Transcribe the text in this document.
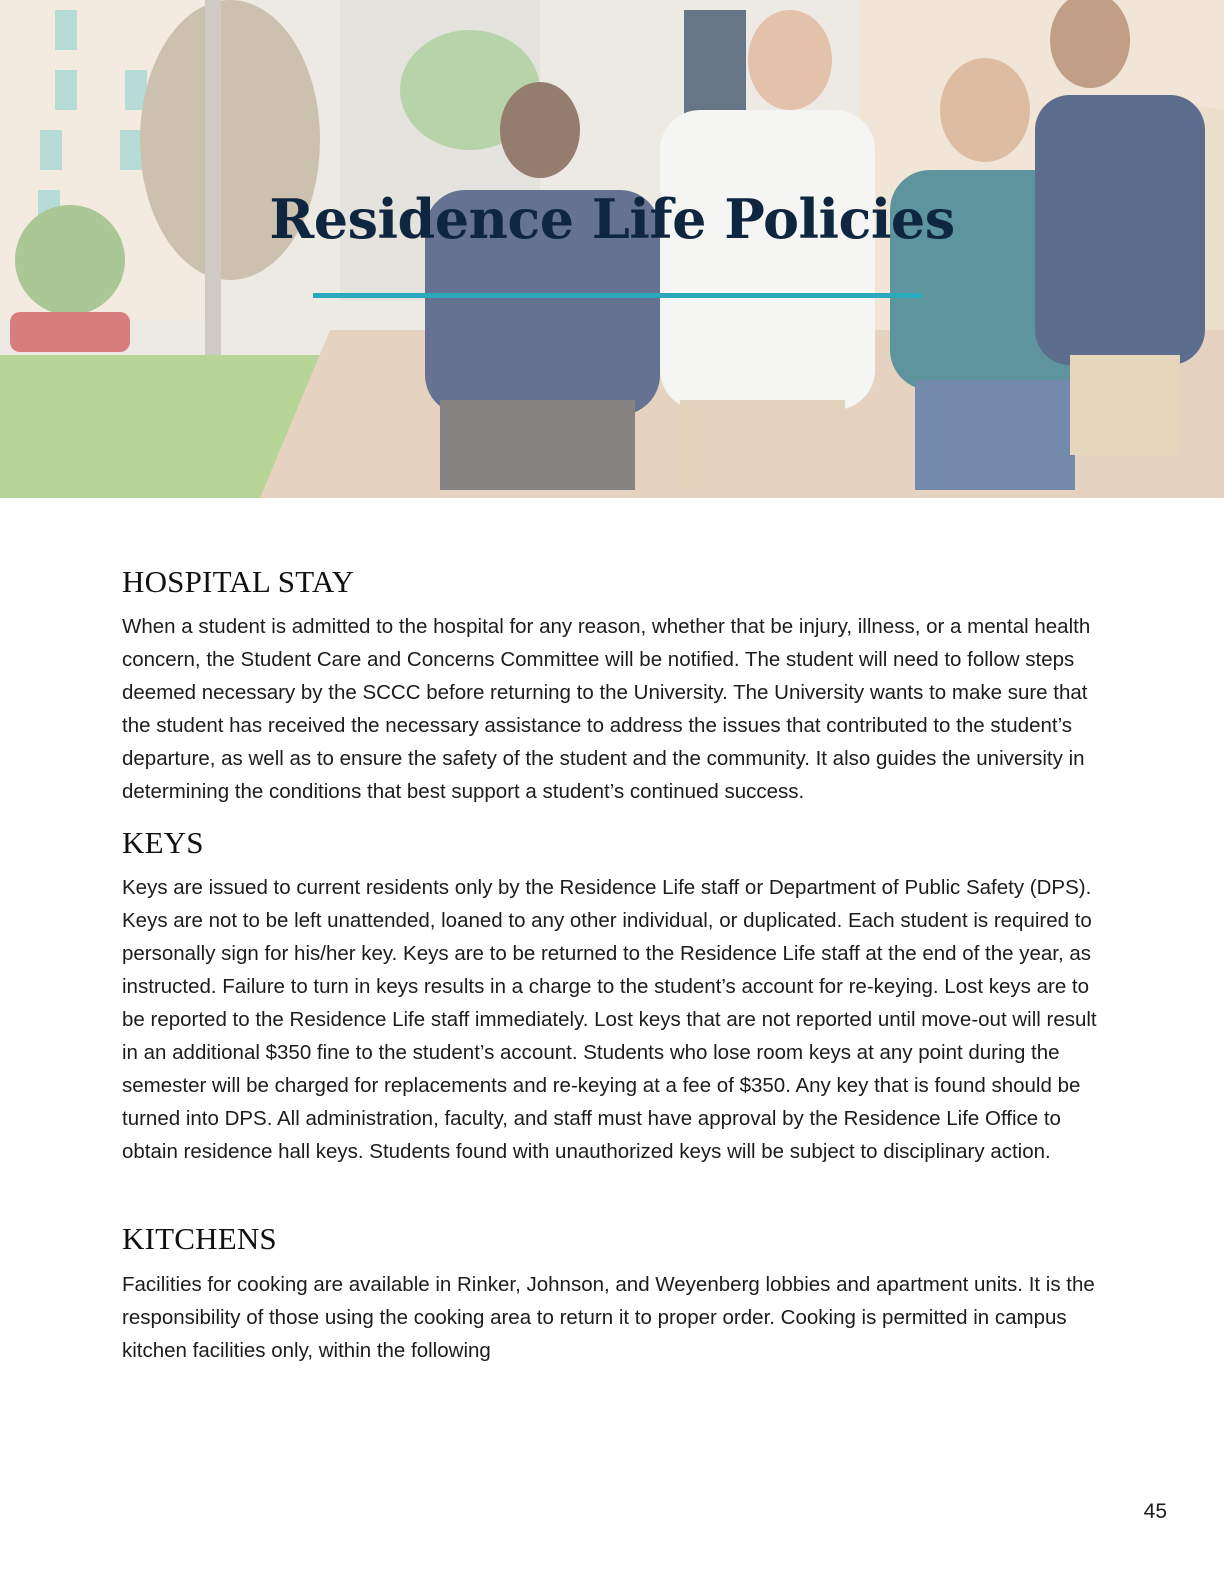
Residence Life Policies
HOSPITAL STAY

When a student is admitted to the hospital for any reason, whether that be injury, illness, or a mental health concern, the Student Care and Concerns Committee will be notified. The student will need to follow steps deemed necessary by the SCCC before returning to the University. The University wants to make sure that the student has received the necessary assistance to address the issues that contributed to the student’s departure, as well as to ensure the safety of the student and the community. It also guides the university in determining the conditions that best support a student’s continued success.

KEYS

Keys are issued to current residents only by the Residence Life staff or Department of Public Safety (DPS). Keys are not to be left unattended, loaned to any other individual, or duplicated. Each student is required to personally sign for his/her key. Keys are to be returned to the Residence Life staff at the end of the year, as instructed. Failure to turn in keys results in a charge to the student’s account for re-keying. Lost keys are to be reported to the Residence Life staff immediately. Lost keys that are not reported until move-out will result in an additional $350 fine to the student’s account. Students who lose room keys at any point during the semester will be charged for replacements and re-keying at a fee of $350. Any key that is found should be turned into DPS. All administration, faculty, and staff must have approval by the Residence Life Office to obtain residence hall keys. Students found with unauthorized keys will be subject to disciplinary action.

KITCHENS

Facilities for cooking are available in Rinker, Johnson, and Weyenberg lobbies and apartment units. It is the responsibility of those using the cooking area to return it to proper order. Cooking is permitted in campus kitchen facilities only, within the following

45
